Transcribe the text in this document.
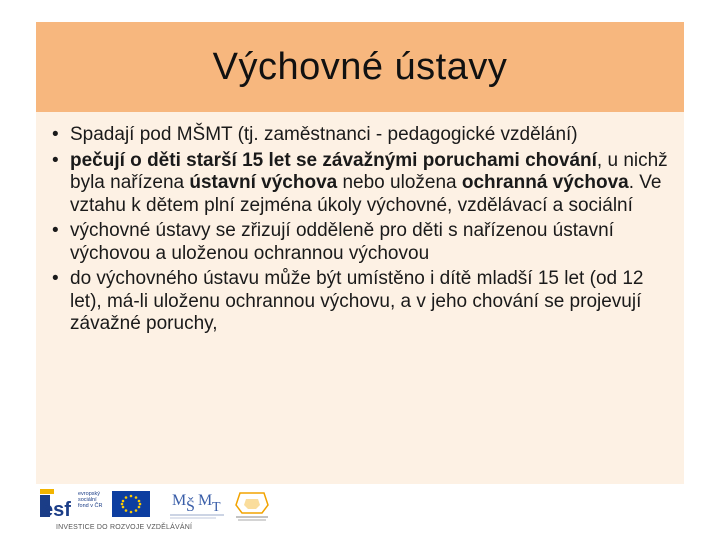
Výchovné ústavy
• Spadají pod MŠMT (tj. zaměstnanci - pedagogické vzdělání)
• pečují o děti starší 15 let se závažnými poruchami chování, u nichž byla nařízena ústavní výchova nebo uložena ochranná výchova. Ve vztahu k dětem plní zejména úkoly výchovné, vzdělávací a sociální
• výchovné ústavy se zřizují odděleně pro děti s nařízenou ústavní výchovou a uloženou ochrannou výchovou
• do výchovného ústavu může být umístěno i dítě mladší 15 let (od 12 let), má-li uloženu ochrannou výchovu, a v jeho chování se projevují závažné poruchy,
esf
evropský
sociální
fond v ČR	M Š M T
INVESTICE DO ROZVOJE VZDĚLÁVÁNÍ
